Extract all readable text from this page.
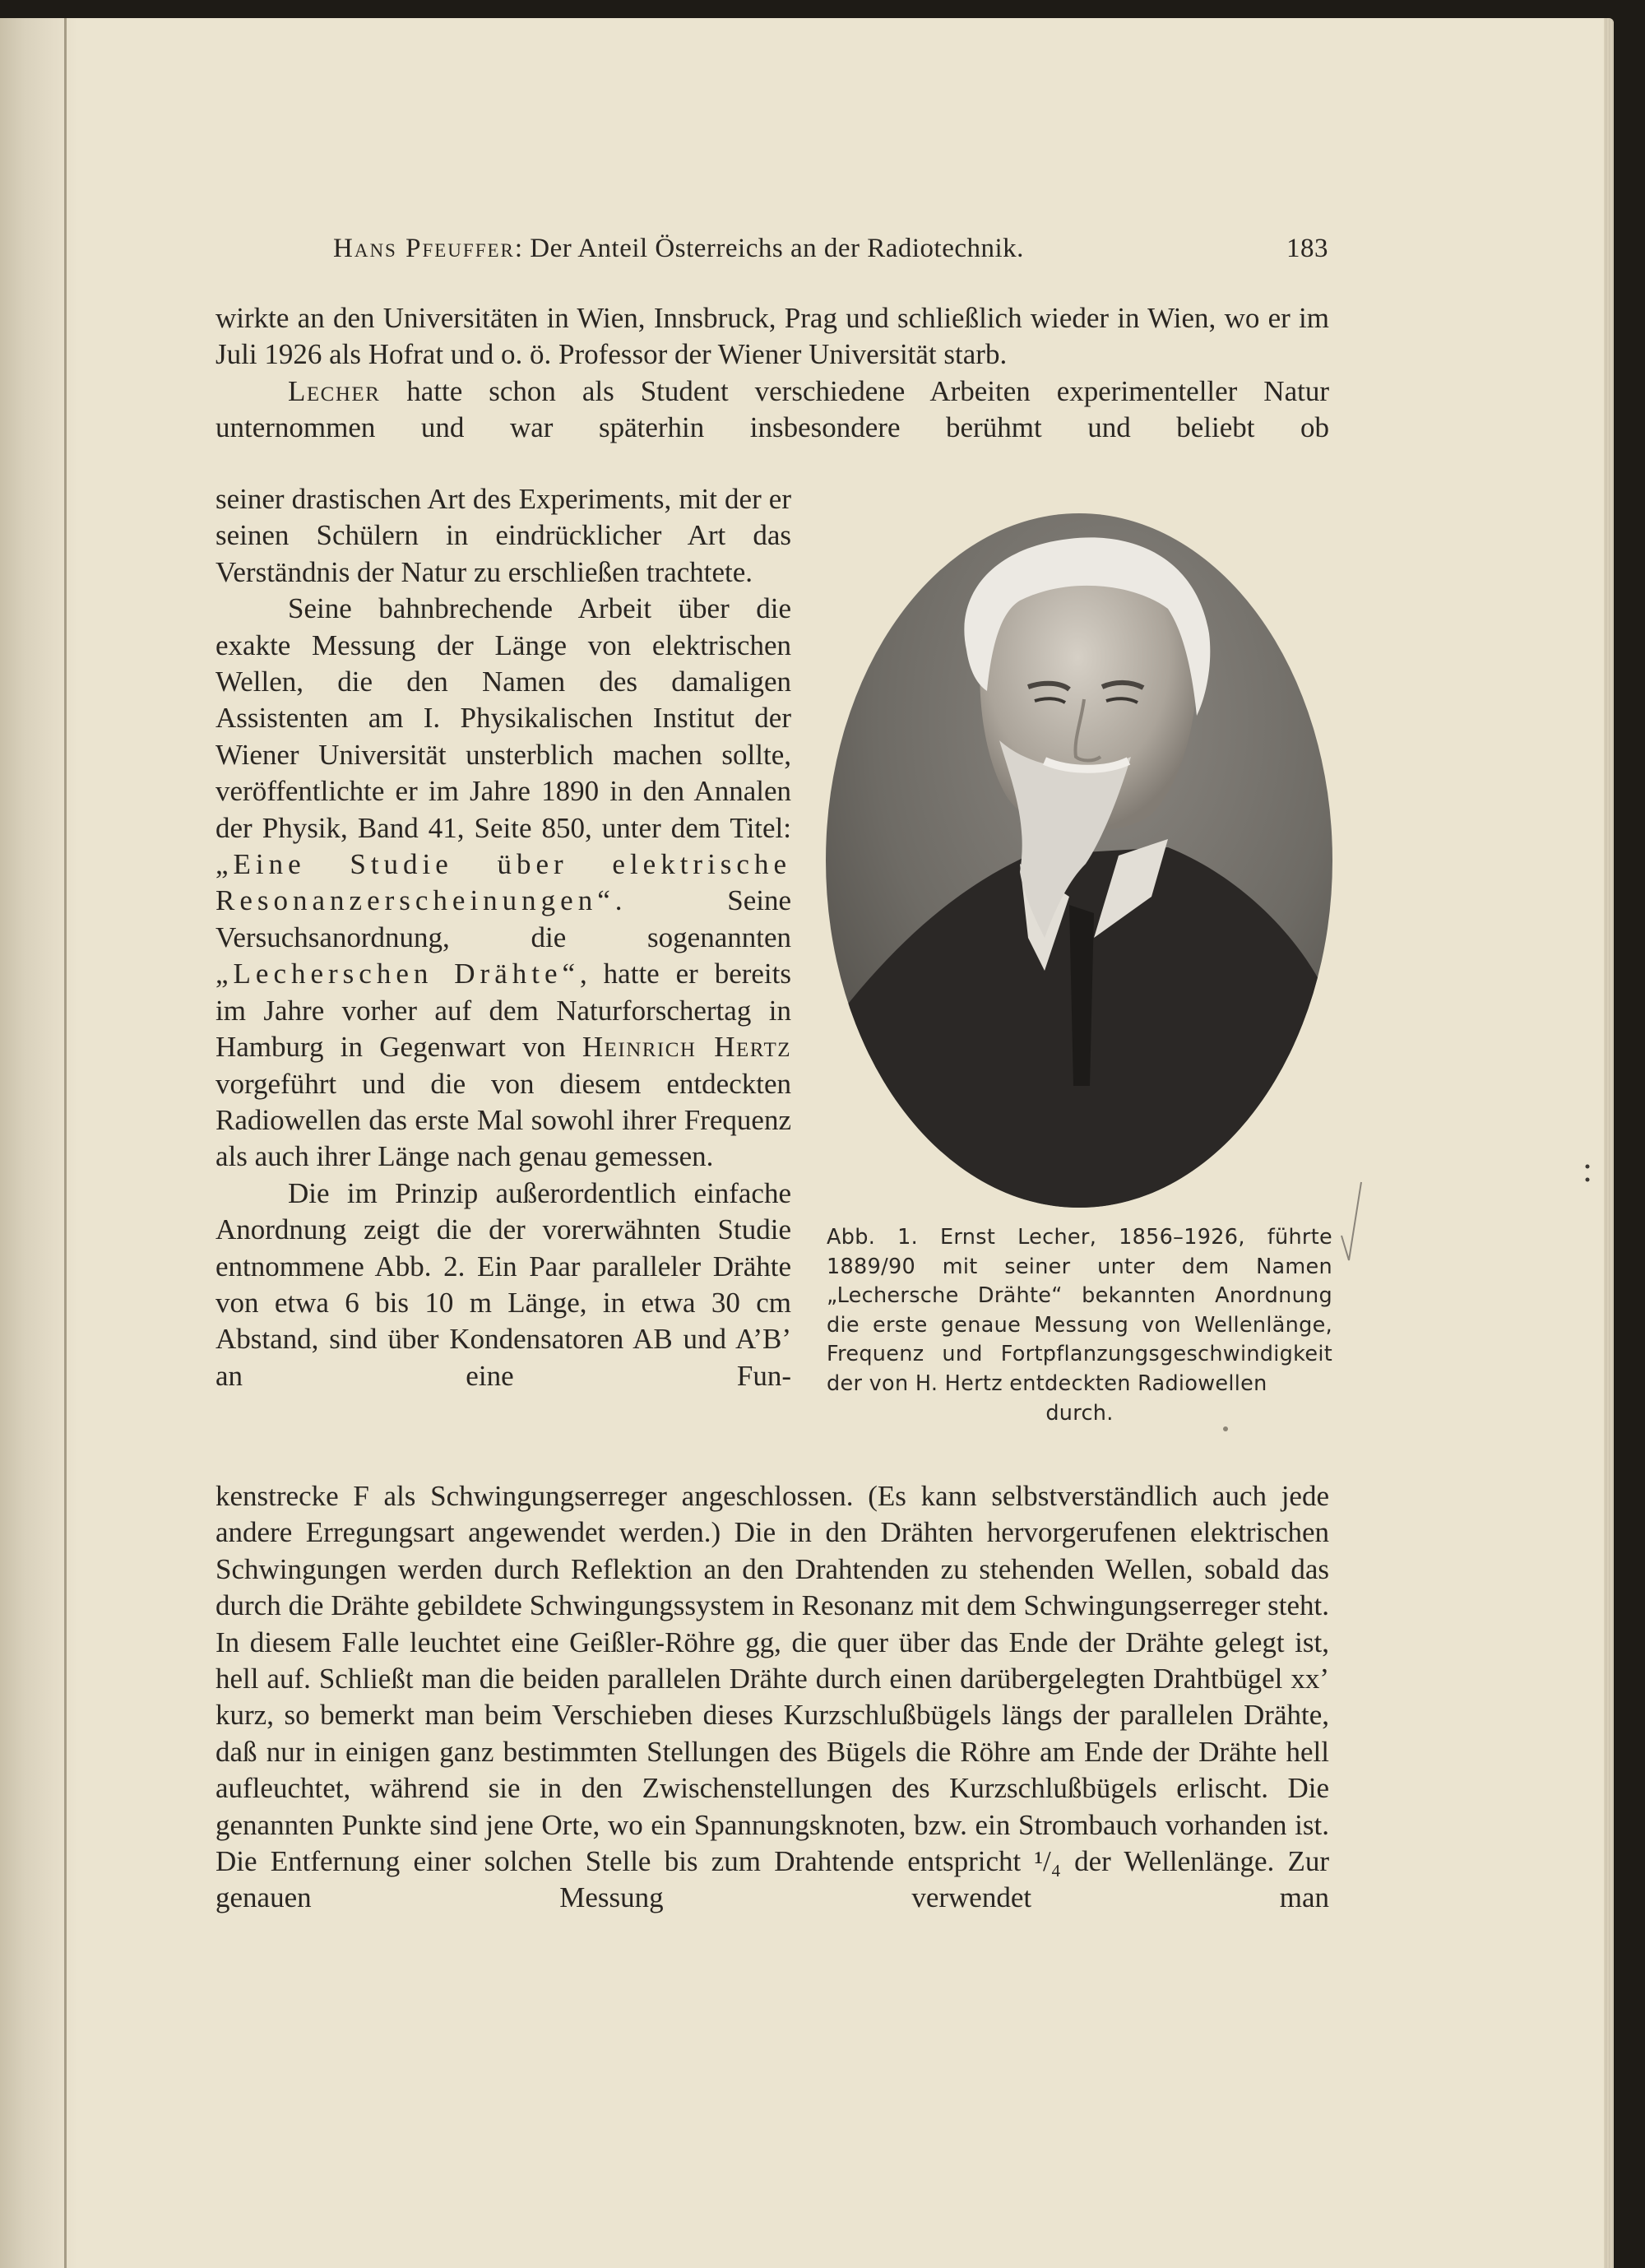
Hans Pfeuffer: Der Anteil Österreichs an der Radiotechnik.	183

wirkte an den Universitäten in Wien, Innsbruck, Prag und schließlich wieder in Wien, wo er im Juli 1926 als Hofrat und o. ö. Professor der Wiener Universität starb.

Lecher hatte schon als Student verschiedene Arbeiten experimenteller Natur unternommen und war späterhin insbesondere berühmt und beliebt ob

seiner drastischen Art des Experiments, mit der er seinen Schülern in eindrücklicher Art das Verständnis der Natur zu erschließen trachtete.

Seine bahnbrechende Arbeit über die exakte Messung der Länge von elektrischen Wellen, die den Namen des damaligen Assistenten am I. Physikalischen Institut der Wiener Universität unsterblich machen sollte, veröffentlichte er im Jahre 1890 in den Annalen der Physik, Band 41, Seite 850, unter dem Titel: „Eine Studie über elektrische Resonanzerscheinungen“. Seine Versuchsanordnung, die sogenannten „Lecherschen Drähte“, hatte er bereits im Jahre vorher auf dem Naturforschertag in Hamburg in Gegenwart von Heinrich Hertz vorgeführt und die von diesem entdeckten Radiowellen das erste Mal sowohl ihrer Frequenz als auch ihrer Länge nach genau gemessen.

Die im Prinzip außerordentlich einfache Anordnung zeigt die der vorerwähnten Studie entnommene Abb. 2. Ein Paar paralleler Drähte von etwa 6 bis 10 m Länge, in etwa 30 cm Abstand, sind über Kondensatoren AB und A’B’ an eine Fun-

Abb. 1. Ernst Lecher, 1856–1926, führte 1889/90 mit seiner unter dem Namen „Lechersche Drähte“ bekannten Anordnung die erste genaue Messung von Wellenlänge, Frequenz und Fortpflanzungsgeschwindigkeit der von H. Hertz entdeckten Radiowellen
durch.

kenstrecke F als Schwingungserreger angeschlossen. (Es kann selbstverständlich auch jede andere Erregungsart angewendet werden.) Die in den Drähten hervorgerufenen elektrischen Schwingungen werden durch Reflektion an den Drahtenden zu stehenden Wellen, sobald das durch die Drähte gebildete Schwingungssystem in Resonanz mit dem Schwingungserreger steht. In diesem Falle leuchtet eine Geißler-Röhre gg, die quer über das Ende der Drähte gelegt ist, hell auf. Schließt man die beiden parallelen Drähte durch einen darübergelegten Drahtbügel xx’ kurz, so bemerkt man beim Verschieben dieses Kurzschlußbügels längs der parallelen Drähte, daß nur in einigen ganz bestimmten Stellungen des Bügels die Röhre am Ende der Drähte hell aufleuchtet, während sie in den Zwischenstellungen des Kurzschlußbügels erlischt. Die genannten Punkte sind jene Orte, wo ein Spannungsknoten, bzw. ein Strombauch vorhanden ist. Die Entfernung einer solchen Stelle bis zum Drahtende entspricht ¹/₄ der Wellenlänge. Zur genauen Messung verwendet man
